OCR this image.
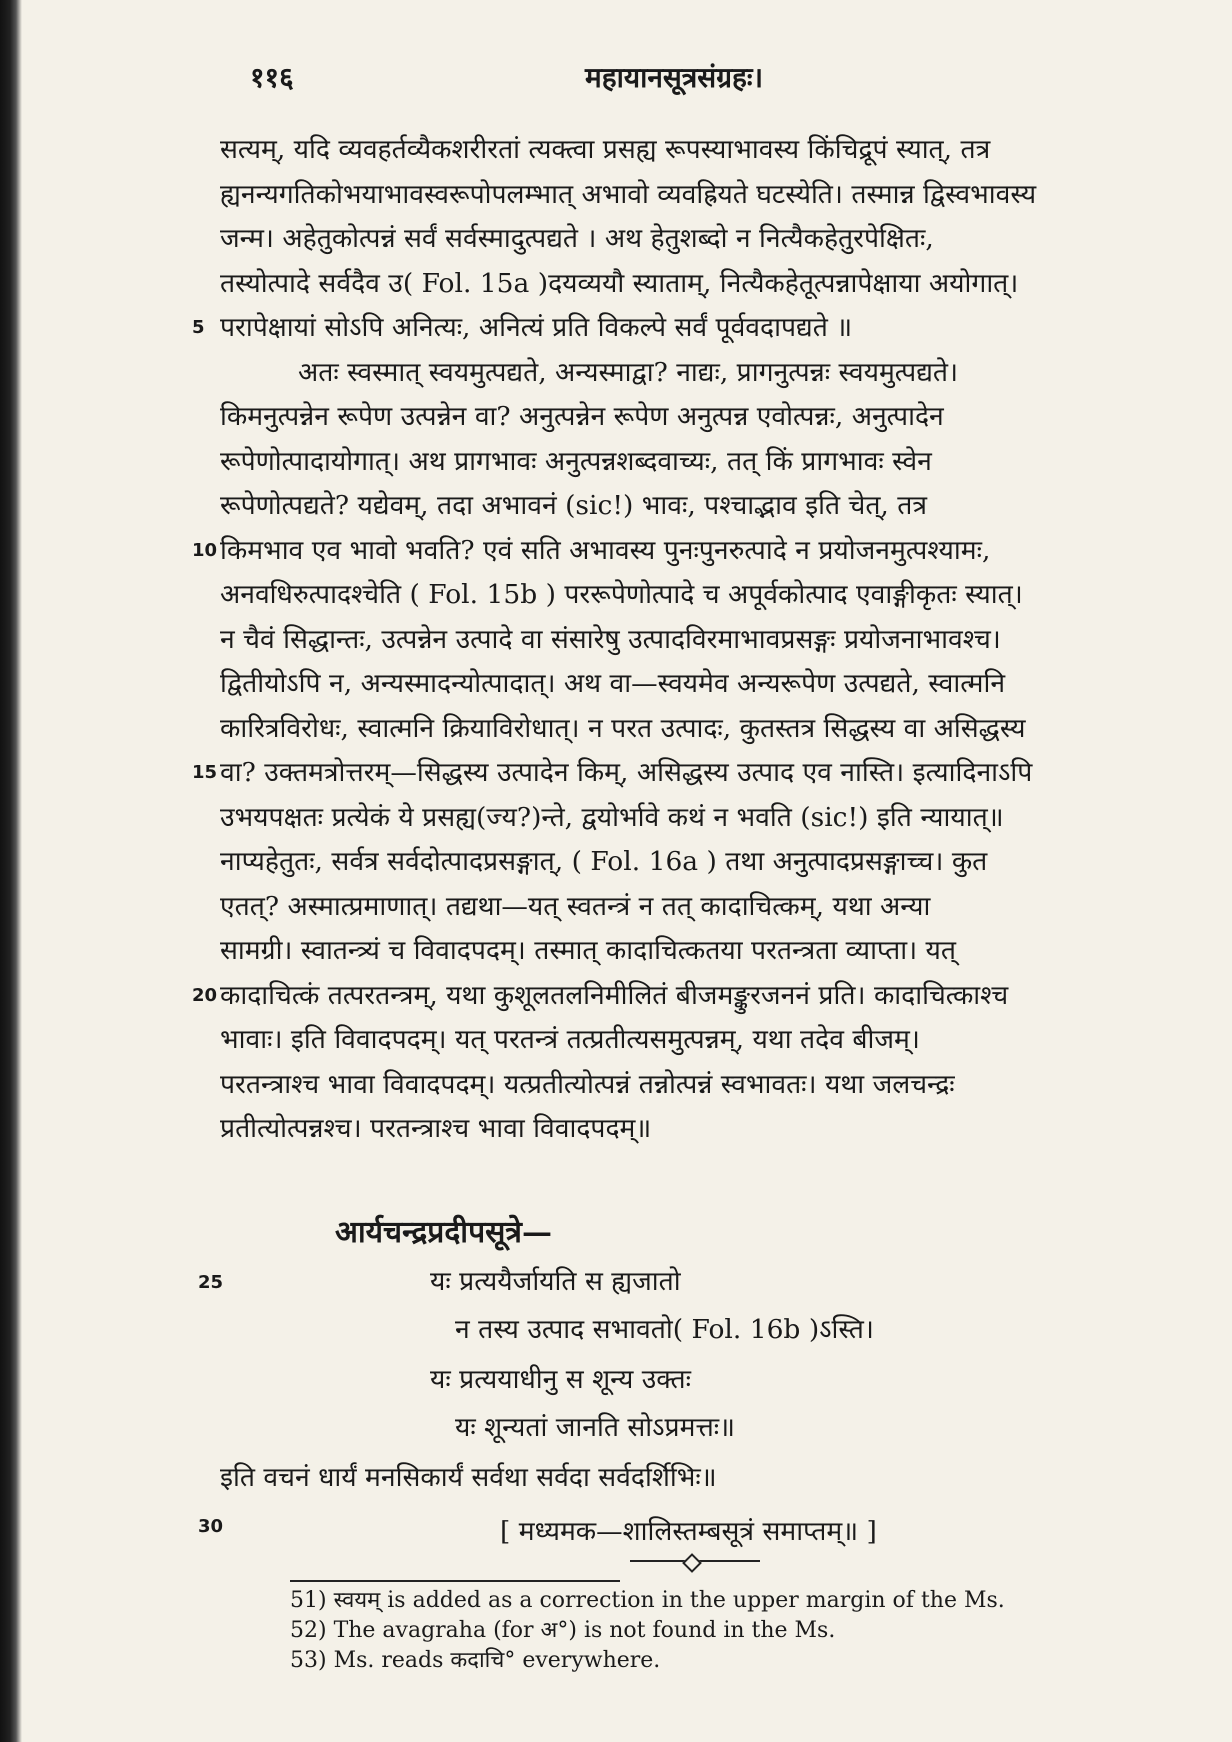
११६	महायानसूत्रसंग्रहः।
सत्यम्, यदि व्यवहर्तव्यैकशरीरतां त्यक्त्वा प्रसह्य रूपस्याभावस्य किंचिद्रूपं स्यात्, तत्र
ह्यनन्यगतिकोभयाभावस्वरूपोपलम्भात् अभावो व्यवह्रियते घटस्येति। तस्मान्न द्विस्वभावस्य
जन्म। अहेतुकोत्पन्नं सर्वं सर्वस्मादुत्पद्यते । अथ हेतुशब्दो न नित्यैकहेतुरपेक्षितः,
तस्योत्पादे सर्वदैव उ( Fol. 15a )दयव्ययौ स्याताम्, नित्यैकहेतूत्पन्नापेक्षाया अयोगात्।
5 परापेक्षायां सोऽपि अनित्यः, अनित्यं प्रति विकल्पे सर्वं पूर्ववदापद्यते ॥
अतः स्वस्मात् स्वयमुत्पद्यते, अन्यस्माद्वा? नाद्यः, प्रागनुत्पन्नः स्वयमुत्पद्यते।
किमनुत्पन्नेन रूपेण उत्पन्नेन वा? अनुत्पन्नेन रूपेण अनुत्पन्न एवोत्पन्नः, अनुत्पादेन
रूपेणोत्पादायोगात्। अथ प्रागभावः अनुत्पन्नशब्दवाच्यः, तत् किं प्रागभावः स्वेन
रूपेणोत्पद्यते? यद्येवम्, तदा अभावनं (sic!) भावः, पश्चाद्भाव इति चेत्, तत्र
10 किमभाव एव भावो भवति? एवं सति अभावस्य पुनःपुनरुत्पादे न प्रयोजनमुत्पश्यामः,
अनवधिरुत्पादश्चेति ( Fol. 15b ) पररूपेणोत्पादे च अपूर्वकोत्पाद एवाङ्गीकृतः स्यात्।
न चैवं सिद्धान्तः, उत्पन्नेन उत्पादे वा संसारेषु उत्पादविरमाभावप्रसङ्गः प्रयोजनाभावश्च।
द्वितीयोऽपि न, अन्यस्मादन्योत्पादात्। अथ वा—स्वयमेव अन्यरूपेण उत्पद्यते, स्वात्मनि
कारित्रविरोधः, स्वात्मनि क्रियाविरोधात्। न परत उत्पादः, कुतस्तत्र सिद्धस्य वा असिद्धस्य
15 वा? उक्तमत्रोत्तरम्—सिद्धस्य उत्पादेन किम्, असिद्धस्य उत्पाद एव नास्ति। इत्यादिनाऽपि
उभयपक्षतः प्रत्येकं ये प्रसह्य(ज्य?)न्ते, द्वयोर्भावे कथं न भवति (sic!) इति न्यायात्॥
नाप्यहेतुतः, सर्वत्र सर्वदोत्पादप्रसङ्गात्, ( Fol. 16a ) तथा अनुत्पादप्रसङ्गाच्च। कुत
एतत्? अस्मात्प्रमाणात्। तद्यथा—यत् स्वतन्त्रं न तत् कादाचित्कम्, यथा अन्या
सामग्री। स्वातन्त्र्यं च विवादपदम्। तस्मात् कादाचित्कतया परतन्त्रता व्याप्ता। यत्
20 कादाचित्कं तत्परतन्त्रम्, यथा कुशूलतलनिमीलितं बीजमङ्कुरजननं प्रति। कादाचित्काश्च
भावाः। इति विवादपदम्। यत् परतन्त्रं तत्प्रतीत्यसमुत्पन्नम्, यथा तदेव बीजम्।
परतन्त्राश्च भावा विवादपदम्। यत्प्रतीत्योत्पन्नं तन्नोत्पन्नं स्वभावतः। यथा जलचन्द्रः
प्रतीत्योत्पन्नश्च। परतन्त्राश्च भावा विवादपदम्॥
आर्यचन्द्रप्रदीपसूत्रे—
25	यः प्रत्ययैर्जायति स ह्यजातो
न तस्य उत्पाद सभावतो( Fol. 16b )ऽस्ति।
यः प्रत्ययाधीनु स शून्य उक्तः
यः शून्यतां जानति सोऽप्रमत्तः॥
इति वचनं धार्यं मनसिकार्यं सर्वथा सर्वदा सर्वदर्शिभिः॥
30	[ मध्यमक—शालिस्तम्बसूत्रं समाप्तम्॥ ]
51) स्वयम् is added as a correction in the upper margin of the Ms.
52) The avagraha (for अ°) is not found in the Ms.
53) Ms. reads कदाचि° everywhere.
